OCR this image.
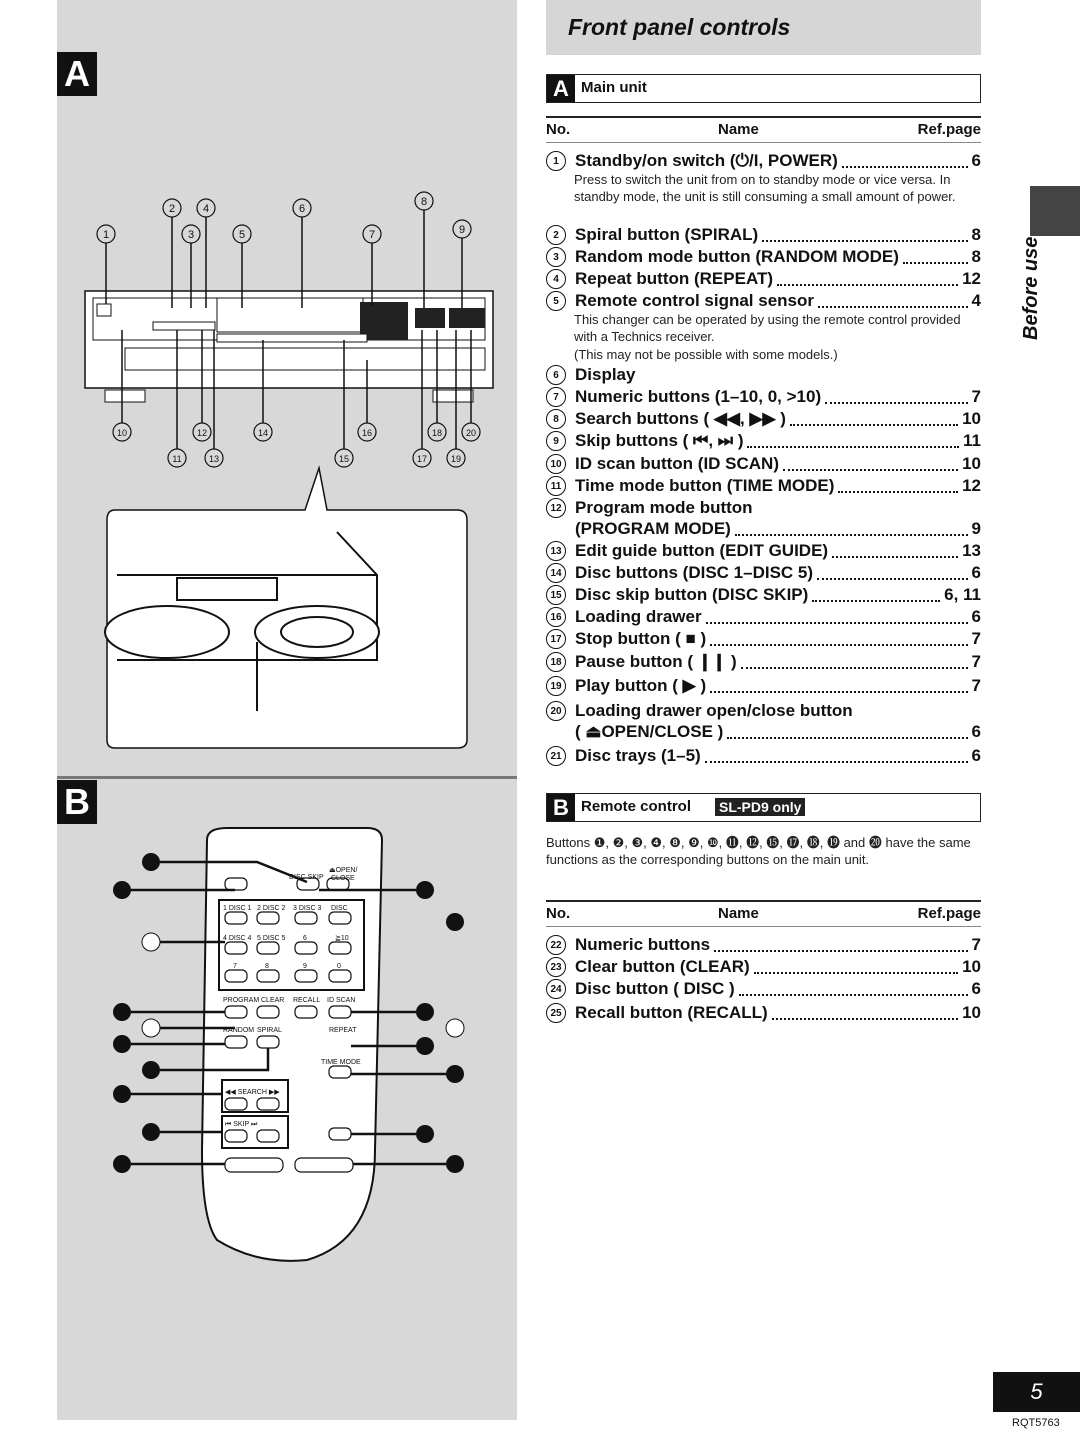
A
B
2	4	6
8
1	3	5	7	9
10	12	14	16	18	20
11	13	15	17	19
DISC SKIP
⏏OPEN/
CLOSE
1 DISC 1 2 DISC 2 3 DISC 3 DISC
4 DISC 4 5 DISC 5	6	≧10
7	8	9	0
PROGRAM CLEAR RECALL ID SCAN
RANDOM SPIRAL	REPEAT
TIME MODE
◀◀ SEARCH ▶▶
⏮ SKIP ⏭
Front panel controls
A Main unit
No.	Name	Ref.page
1 Standby/on switch (⏻/I, POWER)	6
2 Spiral button (SPIRAL)	8
3 Random mode button (RANDOM MODE)	8
4 Repeat button (REPEAT)	12
5 Remote control signal sensor	4
6 Display
7 Numeric buttons (1–10, 0, >10)	7
8 Search buttons ( ◀◀, ▶▶ )	10
9 Skip buttons ( ⏮, ⏭ )	11
10 ID scan button (ID SCAN)	10
11 Time mode button (TIME MODE)	12
12 Program mode button
(PROGRAM MODE)	9
13 Edit guide button (EDIT GUIDE)	13
14 Disc buttons (DISC 1–DISC 5)	6
15 Disc skip button (DISC SKIP)	6, 11
16 Loading drawer	6
17 Stop button ( ■ )	7
18 Pause button ( ❙❙ )	7
19 Play button ( ▶ )	7
20 Loading drawer open/close button
( ⏏OPEN/CLOSE )	6
21 Disc trays (1–5)	6
Press to switch the unit from on to standby mode or vice versa. In standby mode, the unit is still consuming a small amount of power.
This changer can be operated by using the remote control provided with a Technics receiver.
(This may not be possible with some models.)
B Remote control SL-PD9 only
Buttons ❶, ❷, ❸, ❹, ❽, ❾, ❿, ⓫, ⓬, ⓯, ⓱, ⓲, ⓳ and ⓴ have the same functions as the corresponding buttons on the main unit.
No.	Name	Ref.page
22 Numeric buttons	7
23 Clear button (CLEAR)	10
24 Disc button ( DISC )	6
25 Recall button (RECALL)	10
Before use
5
RQT5763
